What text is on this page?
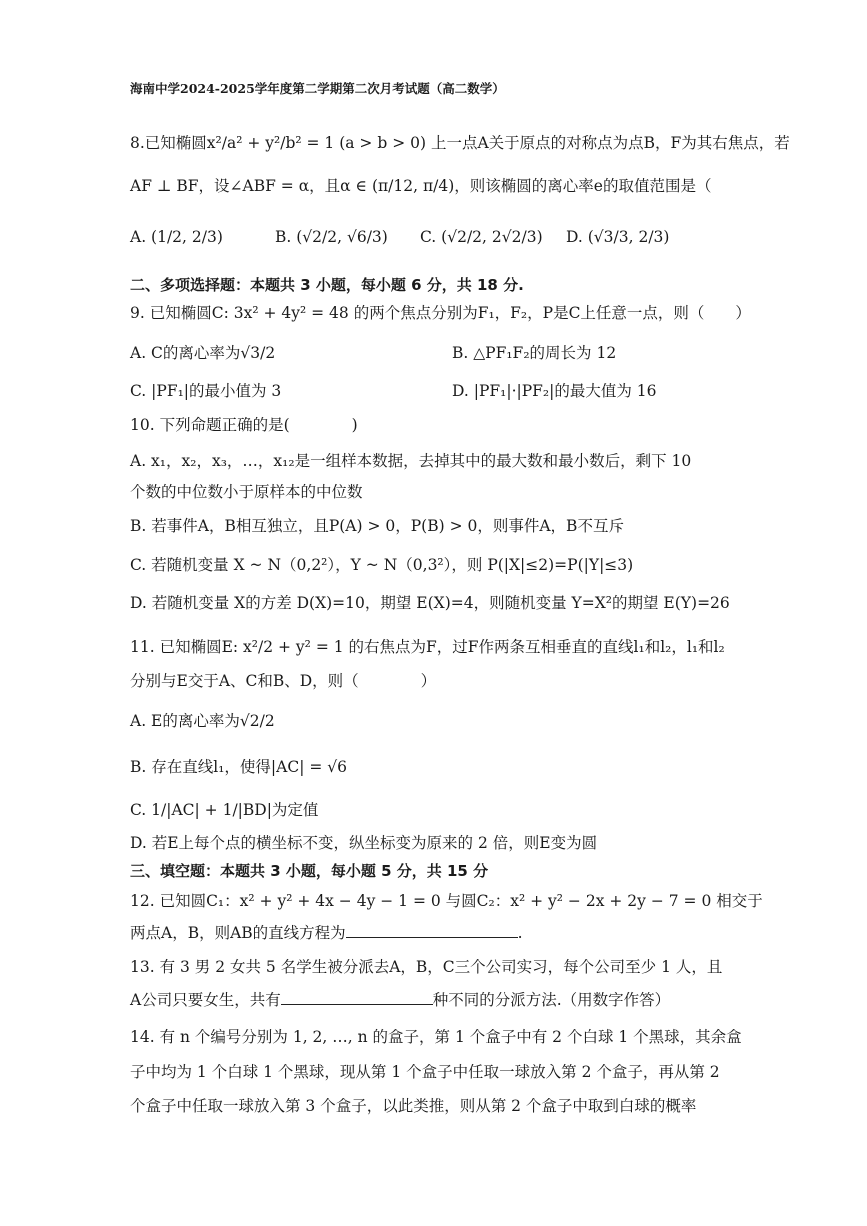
海南中学2024-2025学年度第二学期第二次月考试题（高二数学）
8.已知椭圆x²/a² + y²/b² = 1 (a > b > 0) 上一点A关于原点的对称点为点B，F为其右焦点，若
AF ⊥ BF，设∠ABF = α，且α ∈ (π/12, π/4)，则该椭圆的离心率e的取值范围是（
A. (1/2, 2/3)	B. (√2/2, √6/3) C. (√2/2, 2√2/3) D. (√3/3, 2/3)
二、多项选择题：本题共 3 小题，每小题 6 分，共 18 分.
9. 已知椭圆C: 3x² + 4y² = 48 的两个焦点分别为F₁，F₂，P是C上任意一点，则（　　）
A. C的离心率为√3/2	B. △PF₁F₂的周长为 12
C. |PF₁|的最小值为 3	D. |PF₁|·|PF₂|的最大值为 16
10. 下列命题正确的是(　　　　)
A. x₁，x₂，x₃，…，x₁₂是一组样本数据，去掉其中的最大数和最小数后，剩下 10
个数的中位数小于原样本的中位数
B. 若事件A，B相互独立，且P(A) > 0，P(B) > 0，则事件A，B不互斥
C. 若随机变量 X ~ N（0,2²），Y ~ N（0,3²），则 P(|X|≤2)=P(|Y|≤3)
D. 若随机变量 X的方差 D(X)=10，期望 E(X)=4，则随机变量 Y=X²的期望 E(Y)=26
11. 已知椭圆E: x²/2 + y² = 1 的右焦点为F，过F作两条互相垂直的直线l₁和l₂，l₁和l₂
分别与E交于A、C和B、D，则（　　　　）
A. E的离心率为√2/2
B. 存在直线l₁，使得|AC| = √6
C. 1/|AC| + 1/|BD|为定值
D. 若E上每个点的横坐标不变，纵坐标变为原来的 2 倍，则E变为圆
三、填空题：本题共 3 小题，每小题 5 分，共 15 分
12. 已知圆C₁：x² + y² + 4x − 4y − 1 = 0 与圆C₂：x² + y² − 2x + 2y − 7 = 0 相交于
两点A，B，则AB的直线方程为	.
13. 有 3 男 2 女共 5 名学生被分派去A，B，C三个公司实习，每个公司至少 1 人，且
A公司只要女生，共有	种不同的分派方法.（用数字作答）
14. 有 n 个编号分别为 1, 2, …, n 的盒子，第 1 个盒子中有 2 个白球 1 个黑球，其余盒
子中均为 1 个白球 1 个黑球，现从第 1 个盒子中任取一球放入第 2 个盒子，再从第 2
个盒子中任取一球放入第 3 个盒子，以此类推，则从第 2 个盒子中取到白球的概率
